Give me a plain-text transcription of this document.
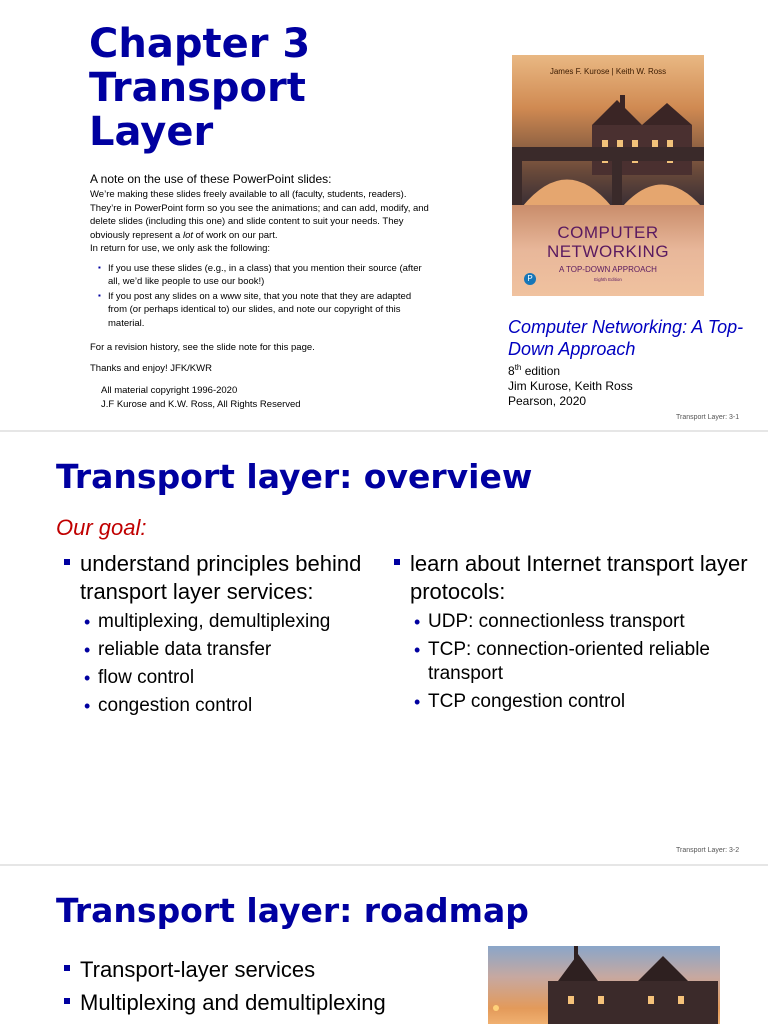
Chapter 3
Transport
Layer

A note on the use of these PowerPoint slides:

We’re making these slides freely available to all (faculty, students, readers). They’re in PowerPoint form so you see the animations; and can add, modify, and delete slides (including this one) and slide content to suit your needs. They obviously represent a lot of work on our part.
In return for use, we only ask the following:

▪ If you use these slides (e.g., in a class) that you mention their source (after all, we’d like people to use our book!)
▪ If you post any slides on a www site, that you note that they are adapted from (or perhaps identical to) our slides, and note our copyright of this material.

For a revision history, see the slide note for this page.

Thanks and enjoy! JFK/KWR

All material copyright 1996-2020
J.F Kurose and K.W. Ross, All Rights Reserved

James F. Kurose | Keith W. Ross
COMPUTER
NETWORKING
A TOP-DOWN APPROACH
Eighth Edition
P

Computer Networking: A Top-Down Approach

8th edition

Jim Kurose, Keith Ross

Pearson, 2020

Transport Layer: 3-1
Transport layer: overview

Our goal:

understand principles behind transport layer services:

• multiplexing, demultiplexing
• reliable data transfer
• flow control
• congestion control

learn about Internet transport layer protocols:

• UDP: connectionless transport
• TCP: connection-oriented reliable transport
• TCP congestion control
Transport Layer: 3-2
Transport layer: roadmap
Transport-layer services
Multiplexing and demultiplexing
